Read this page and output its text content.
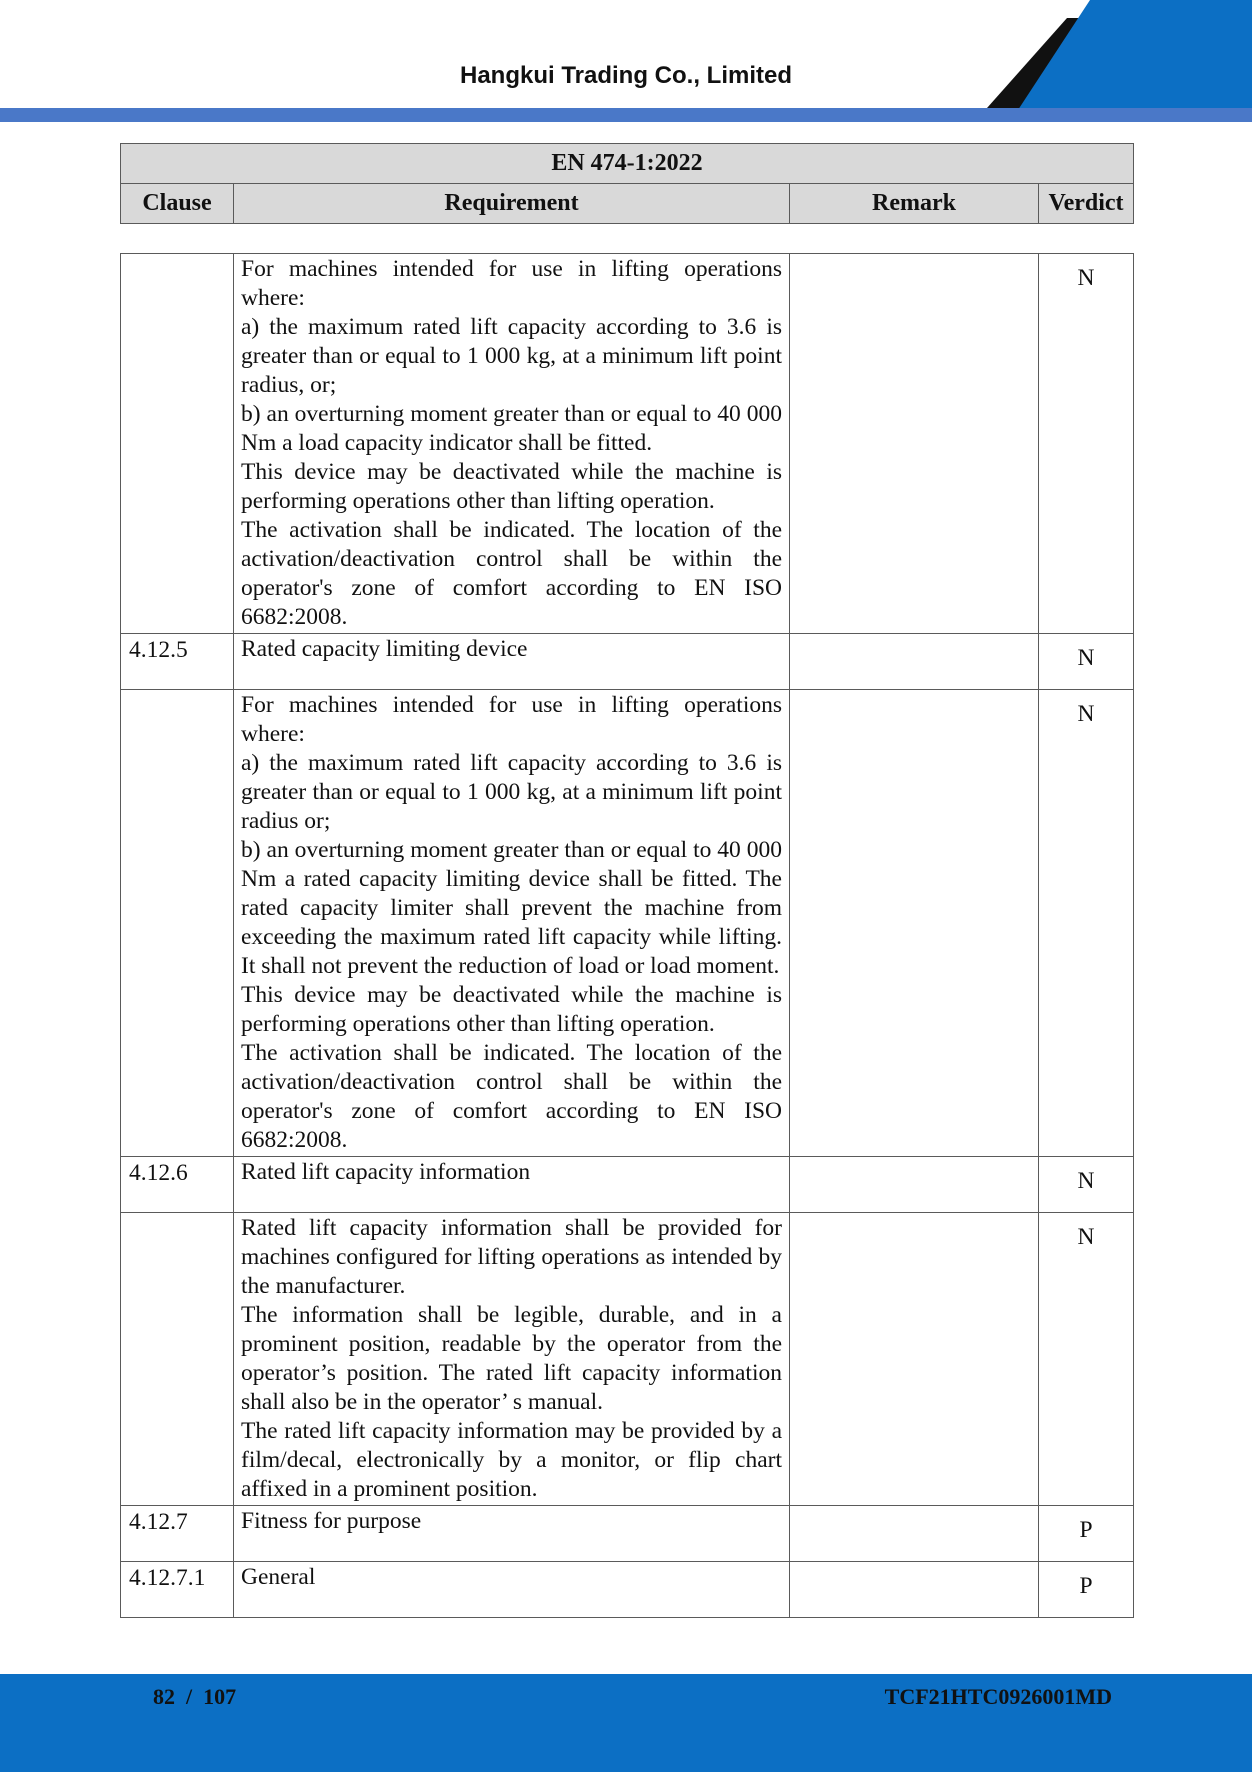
Hangkui Trading Co., Limited
EN 474-1:2022
Clause	Requirement	Remark	Verdict

	For machines intended for use in lifting operations where:

a) the maximum rated lift capacity according to 3.6 is greater than or equal to 1 000 kg, at a minimum lift point radius, or;

b) an overturning moment greater than or equal to 40 000 Nm a load capacity indicator shall be fitted.

This device may be deactivated while the machine is performing operations other than lifting operation.

The activation shall be indicated. The location of the activation/deactivation control shall be within the operator's zone of comfort according to EN ISO 6682:2008.		N
4.12.5	Rated capacity limiting device		N

	For machines intended for use in lifting operations where:

a) the maximum rated lift capacity according to 3.6 is greater than or equal to 1 000 kg, at a minimum lift point radius or;

b) an overturning moment greater than or equal to 40 000 Nm a rated capacity limiting device shall be fitted. The rated capacity limiter shall prevent the machine from exceeding the maximum rated lift capacity while lifting. It shall not prevent the reduction of load or load moment.

This device may be deactivated while the machine is performing operations other than lifting operation.

The activation shall be indicated. The location of the activation/deactivation control shall be within the operator's zone of comfort according to EN ISO 6682:2008.		N
4.12.6	Rated lift capacity information		N

	Rated lift capacity information shall be provided for machines configured for lifting operations as intended by the manufacturer.

The information shall be legible, durable, and in a prominent position, readable by the operator from the operator’s position. The rated lift capacity information shall also be in the operator’ s manual.

The rated lift capacity information may be provided by a film/decal, electronically by a monitor, or flip chart affixed in a prominent position.		N
4.12.7	Fitness for purpose		P
4.12.7.1	General		P
82  /  107	TCF21HTC0926001MD
